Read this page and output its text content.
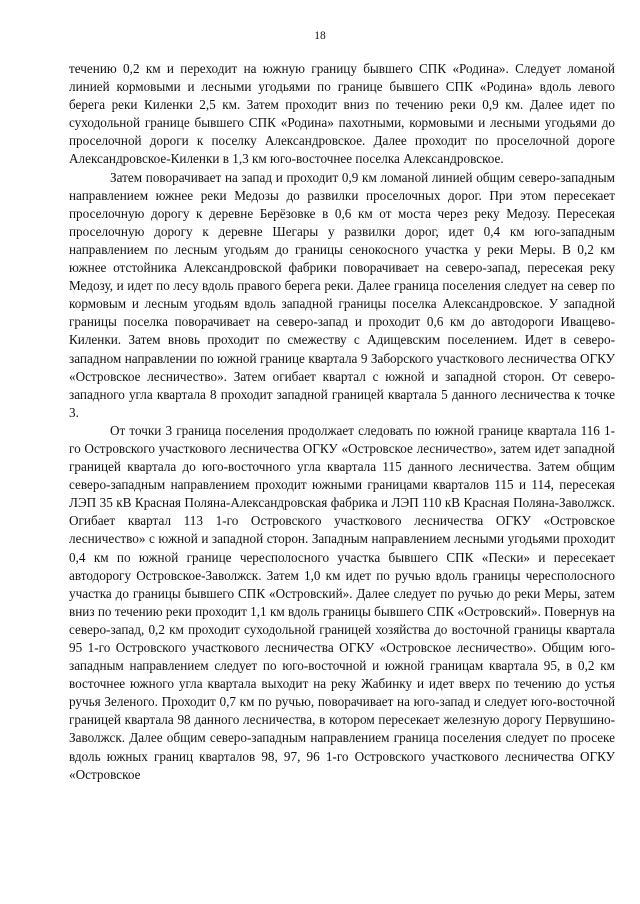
18

течению 0,2 км и переходит на южную границу бывшего СПК «Родина». Следует ломаной линией кормовыми и лесными угодьями по границе бывшего СПК «Родина» вдоль левого берега реки Киленки 2,5 км. Затем проходит вниз по течению реки 0,9 км. Далее идет по суходольной границе бывшего СПК «Родина» пахотными, кормовыми и лесными угодьями до проселочной дороги к поселку Александровское. Далее проходит по проселочной дороге Александровское-Киленки в 1,3 км юго-восточнее поселка Александровское.

Затем поворачивает на запад и проходит 0,9 км ломаной линией общим северо-западным направлением южнее реки Медозы до развилки проселочных дорог. При этом пересекает проселочную дорогу к деревне Берёзовке в 0,6 км от моста через реку Медозу. Пересекая проселочную дорогу к деревне Шегары у развилки дорог, идет 0,4 км юго-западным направлением по лесным угодьям до границы сенокосного участка у реки Меры. В 0,2 км южнее отстойника Александровской фабрики поворачивает на северо-запад, пересекая реку Медозу, и идет по лесу вдоль правого берега реки. Далее граница поселения следует на север по кормовым и лесным угодьям вдоль западной границы поселка Александровское. У западной границы поселка поворачивает на северо-запад и проходит 0,6 км до автодороги Иващево-Киленки. Затем вновь проходит по смежеству с Адищевским поселением. Идет в северо-западном направлении по южной границе квартала 9 Заборского участкового лесничества ОГКУ «Островское лесничество». Затем огибает квартал с южной и западной сторон. От северо-западного угла квартала 8 проходит западной границей квартала 5 данного лесничества к точке 3.

От точки 3 граница поселения продолжает следовать по южной границе квартала 116 1-го Островского участкового лесничества ОГКУ «Островское лесничество», затем идет западной границей квартала до юго-восточного угла квартала 115 данного лесничества. Затем общим северо-западным направлением проходит южными границами кварталов 115 и 114, пересекая ЛЭП 35 кВ Красная Поляна-Александровская фабрика и ЛЭП 110 кВ Красная Поляна-Заволжск. Огибает квартал 113 1-го Островского участкового лесничества ОГКУ «Островское лесничество» с южной и западной сторон. Западным направлением лесными угодьями проходит 0,4 км по южной границе чересполосного участка бывшего СПК «Пески» и пересекает автодорогу Островское-Заволжск. Затем 1,0 км идет по ручью вдоль границы чересполосного участка до границы бывшего СПК «Островский». Далее следует по ручью до реки Меры, затем вниз по течению реки проходит 1,1 км вдоль границы бывшего СПК «Островский». Повернув на северо-запад, 0,2 км проходит суходольной границей хозяйства до восточной границы квартала 95 1-го Островского участкового лесничества ОГКУ «Островское лесничество». Общим юго-западным направлением следует по юго-восточной и южной границам квартала 95, в 0,2 км восточнее южного угла квартала выходит на реку Жабинку и идет вверх по течению до устья ручья Зеленого. Проходит 0,7 км по ручью, поворачивает на юго-запад и следует юго-восточной границей квартала 98 данного лесничества, в котором пересекает железную дорогу Первушино-Заволжск. Далее общим северо-западным направлением граница поселения следует по просеке вдоль южных границ кварталов 98, 97, 96 1-го Островского участкового лесничества ОГКУ «Островское
